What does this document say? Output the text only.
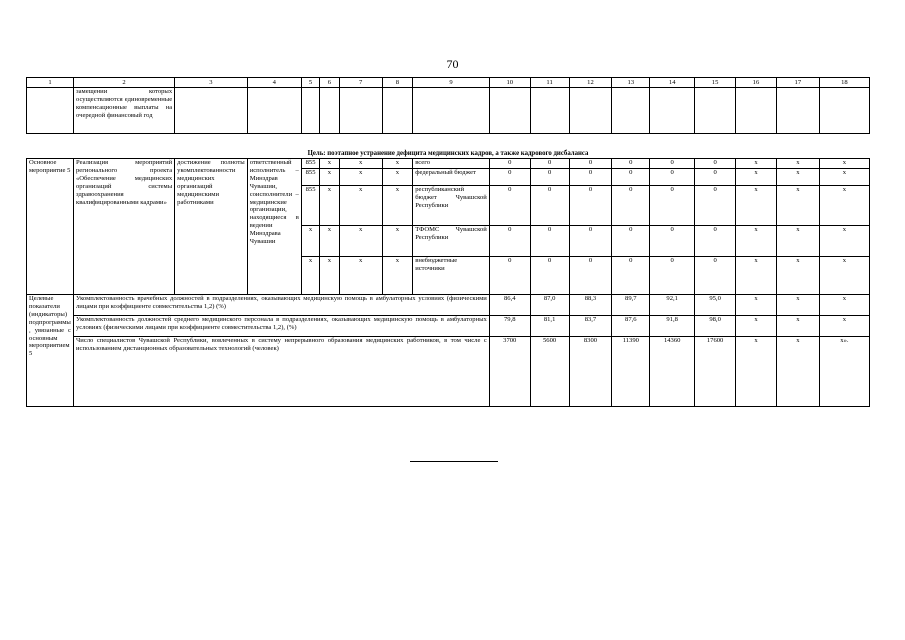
70
1	2	3	4	5	6	7	8	9	10	11	12	13	14	15	16	17	18
	замещении которых осуществляются единовременные компенсационные выплаты на очередной финансовый год																
Цель: поэтапное устранение дефицита медицинских кадров, а также кадрового дисбаланса																	
Основное мероприятие 5	Реализация мероприятий регионального проекта «Обеспечение медицинских организаций системы здравоохранения квалифицированными кадрами»	достижение полноты укомплектованности медицинских организаций медицинскими работниками	ответственный исполнитель – Минздрав Чувашии, соисполнители – медицинские организации, находящиеся в ведении Минздрава Чувашии	855	х	х	х	всего	0	0	0	0	0	0	х	х	х
				855	х	х	х	федеральный бюджет	0	0	0	0	0	0	х	х	х
				855	х	х	х	республиканский бюджет Чувашской Республики	0	0	0	0	0	0	х	х	х
				х	х	х	х	ТФОМС Чувашской Республики	0	0	0	0	0	0	х	х	х
				х	х	х	х	внебюджетные источники	0	0	0	0	0	0	х	х	х
Целевые показатели (индикаторы) подпрограммы, увязанные с основным мероприятием 5	Укомплектованность врачебных должностей в подразделениях, оказывающих медицинскую помощь в амбулаторных условиях (физическими лицами при коэффициенте совместительства 1,2) (%)								86,4	87,0	88,3	89,7	92,1	95,0	х	х	х
	Укомплектованность должностей среднего медицинского персонала в подразделениях, оказывающих медицинскую помощь в амбулаторных условиях (физическими лицами при коэффициенте совместительства 1,2), (%)								79,8	81,1	83,7	87,6	91,8	98,0	х	х	х
	Число специалистов Чувашской Республики, вовлеченных в систему непрерывного образования медицинских работников, в том числе с использованием дистанционных образовательных технологий (человек)								3700	5600	8300	11390	14360	17600	х	х	х».
